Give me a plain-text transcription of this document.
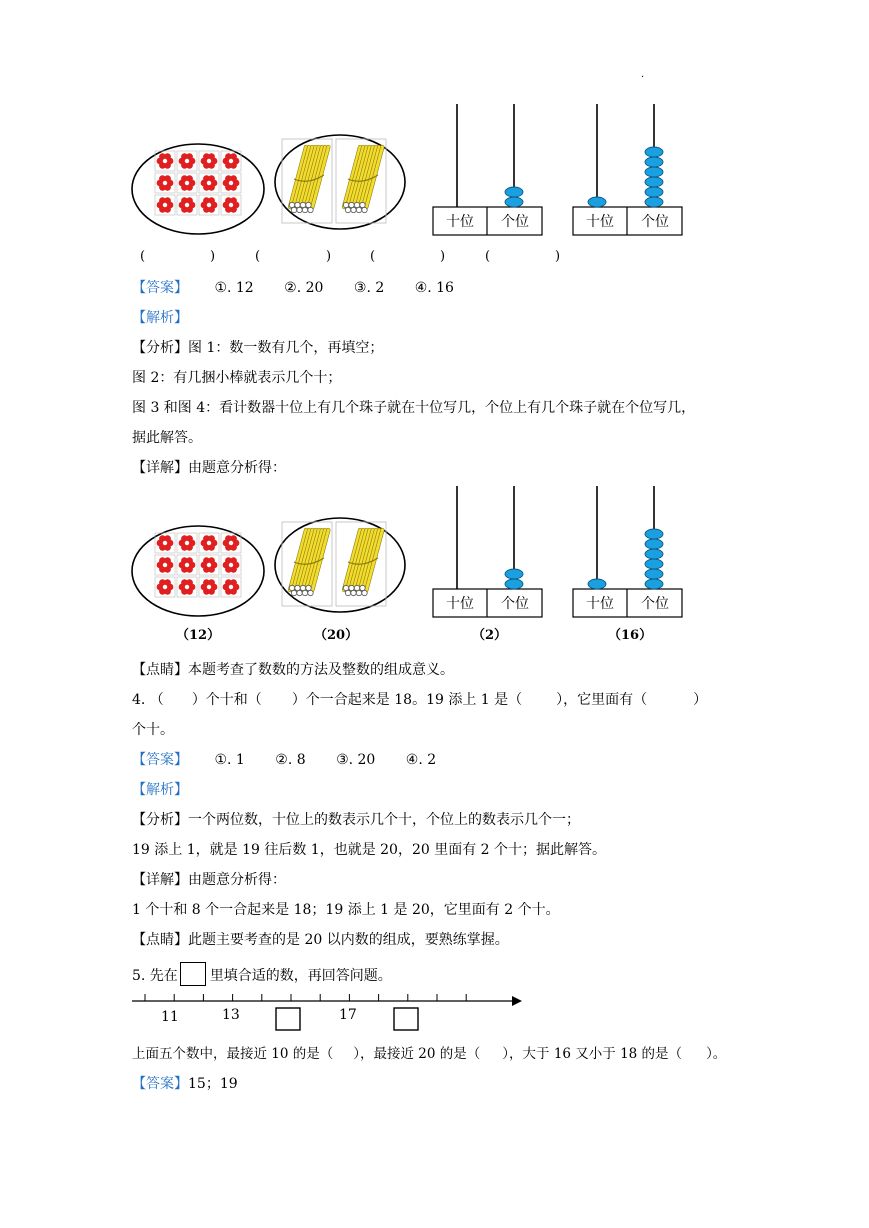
·
十位 个位	十位 个位
(	)	(	)	(	)	(	)
【答案】 ①. 12 ②. 20 ③. 2 ④. 16
【解析】
【分析】图 1：数一数有几个，再填空；
图 2：有几捆小棒就表示几个十；
图 3 和图 4：看计数器十位上有几个珠子就在十位写几，个位上有几个珠子就在个位写几，
据此解答。
【详解】由题意分析得：
十位 个位	十位 个位
（12）	（20）	（2）	（16）
【点睛】本题考查了数数的方法及整数的组成意义。
4. （ ）个十和（ ）个一合起来是 18。19 添上 1 是（ ），它里面有（	）
个十。
【答案】 ①. 1 ②. 8 ③. 20 ④. 2
【解析】
【分析】一个两位数，十位上的数表示几个十，个位上的数表示几个一；
19 添上 1，就是 19 往后数 1，也就是 20，20 里面有 2 个十；据此解答。
【详解】由题意分析得：
1 个十和 8 个一合起来是 18；19 添上 1 是 20，它里面有 2 个十。
【点睛】此题主要考查的是 20 以内数的组成，要熟练掌握。
5. 先在 里填合适的数，再回答问题。
11	13	17
上面五个数中，最接近 10 的是（ ），最接近 20 的是（ ），大于 16 又小于 18 的是（ ）。
【答案】15；19
